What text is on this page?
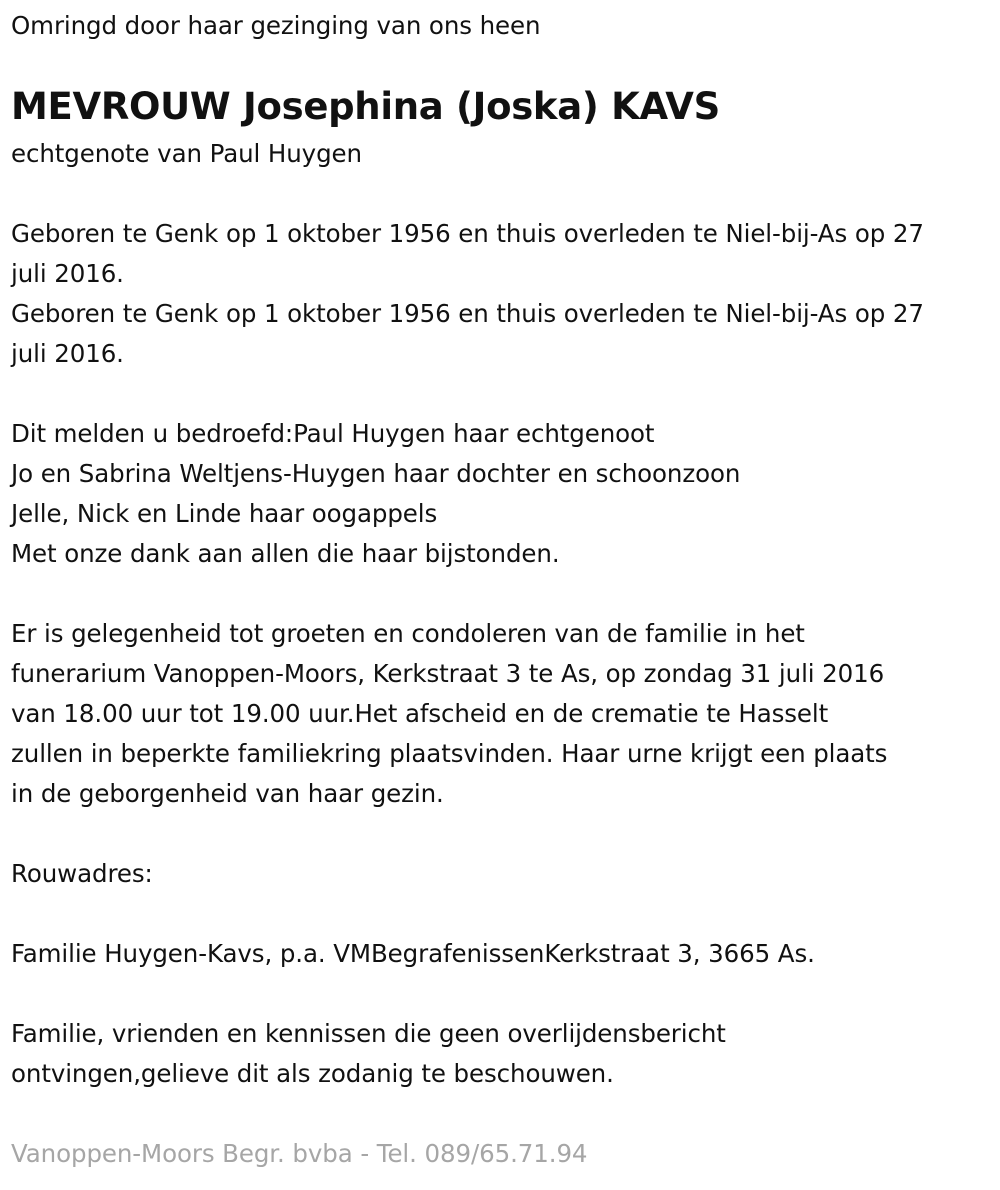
Omringd door haar gezinging van ons heen
MEVROUW Josephina (Joska) KAVS
echtgenote van Paul Huygen
Geboren te Genk op 1 oktober 1956 en thuis overleden te Niel-bij-As op 27
juli 2016.
Geboren te Genk op 1 oktober 1956 en thuis overleden te Niel-bij-As op 27
juli 2016.
Dit melden u bedroefd:Paul Huygen haar echtgenoot
Jo en Sabrina Weltjens-Huygen haar dochter en schoonzoon
Jelle, Nick en Linde haar oogappels
Met onze dank aan allen die haar bijstonden.
Er is gelegenheid tot groeten en condoleren van de familie in het
funerarium Vanoppen-Moors, Kerkstraat 3 te As, op zondag 31 juli 2016
van 18.00 uur tot 19.00 uur.Het afscheid en de crematie te Hasselt
zullen in beperkte familiekring plaatsvinden. Haar urne krijgt een plaats
in de geborgenheid van haar gezin.
Rouwadres:
Familie Huygen-Kavs, p.a. VMBegrafenissenKerkstraat 3, 3665 As.
Familie, vrienden en kennissen die geen overlijdensbericht
ontvingen,gelieve dit als zodanig te beschouwen.
Vanoppen-Moors Begr. bvba - Tel. 089/65.71.94
